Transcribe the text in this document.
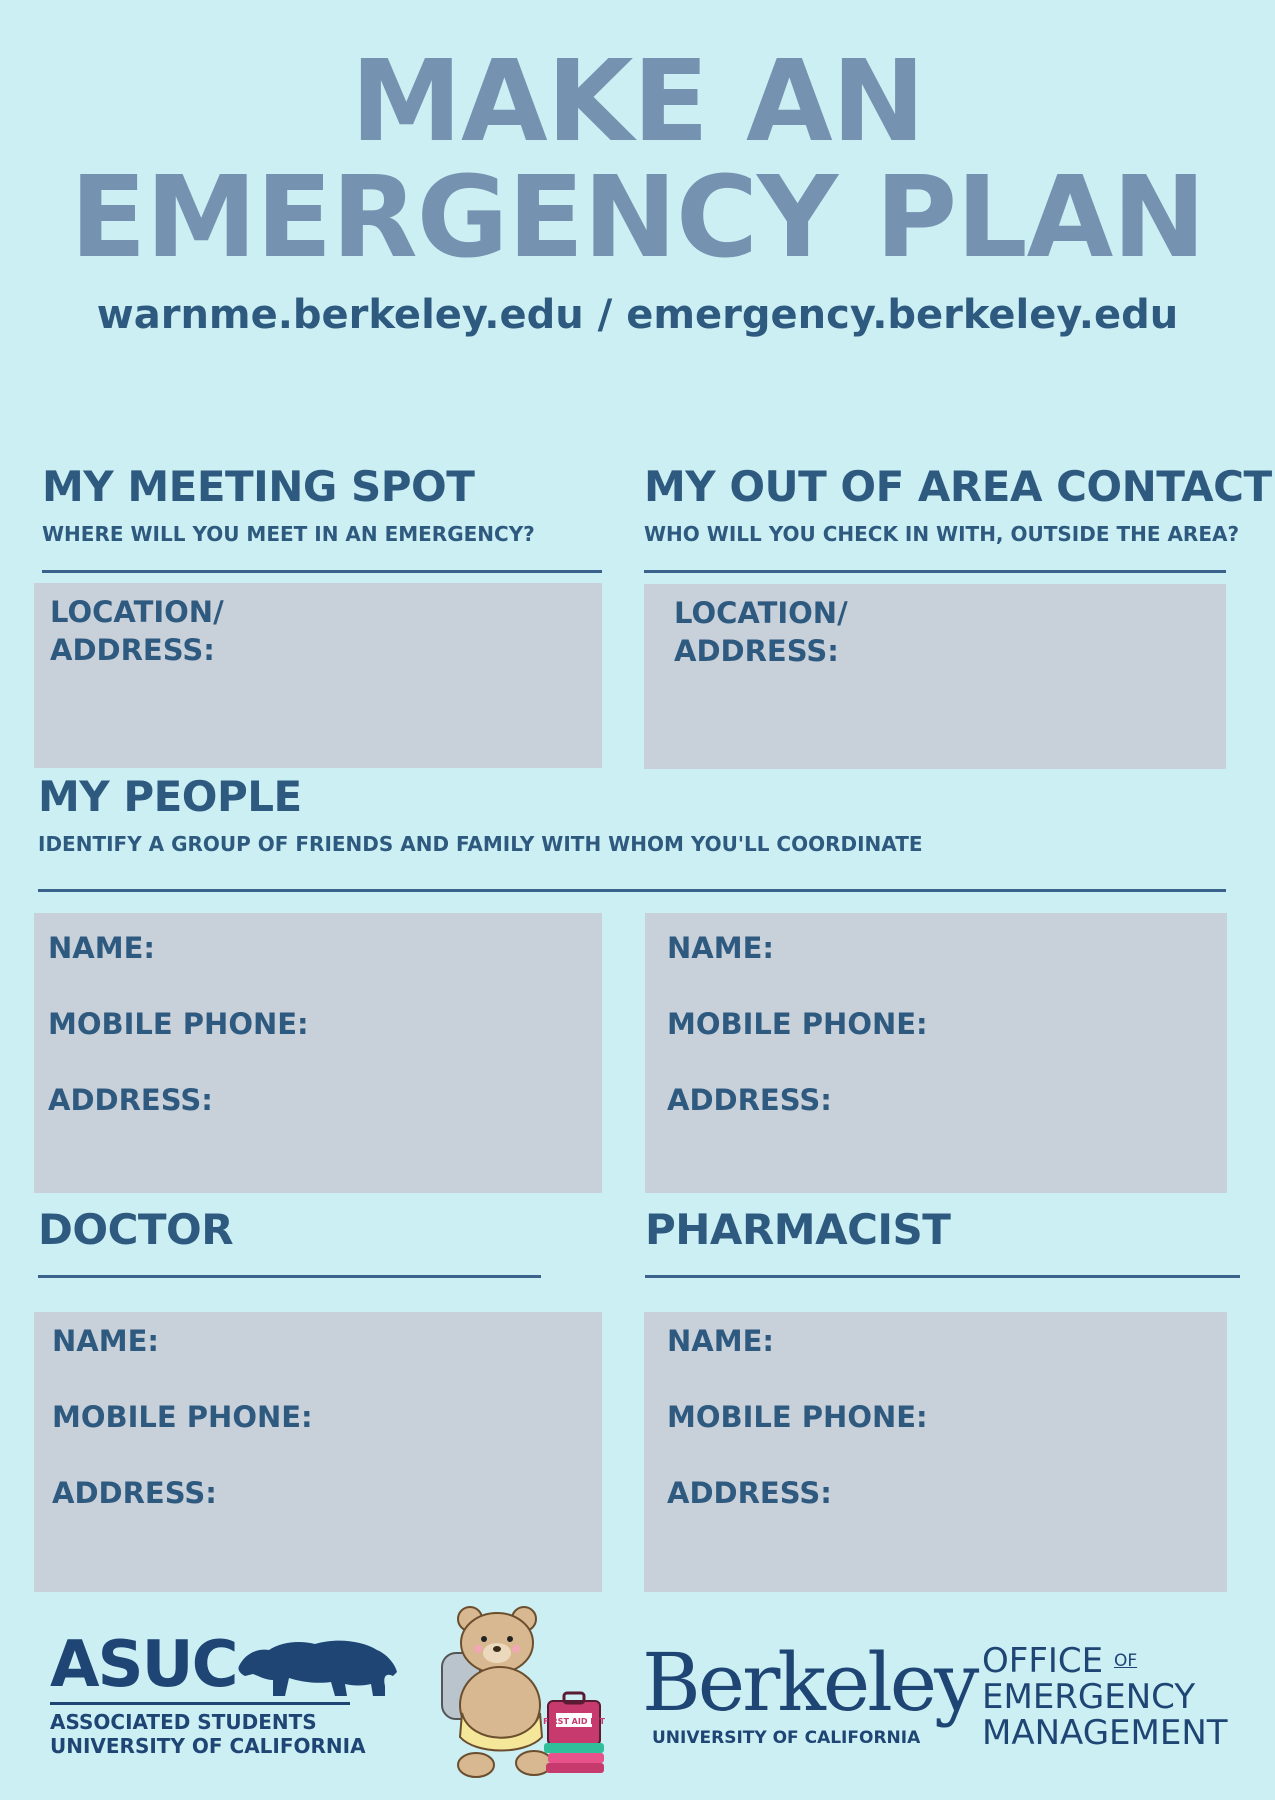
MAKE AN
EMERGENCY PLAN
warnme.berkeley.edu / emergency.berkeley.edu
MY MEETING SPOT
WHERE WILL YOU MEET IN AN EMERGENCY?
LOCATION/
ADDRESS:
MY OUT OF AREA CONTACT
WHO WILL YOU CHECK IN WITH, OUTSIDE THE AREA?
LOCATION/
ADDRESS:
MY PEOPLE
IDENTIFY A GROUP OF FRIENDS AND FAMILY WITH WHOM YOU'LL COORDINATE
NAME:
MOBILE PHONE:
ADDRESS:
NAME:
MOBILE PHONE:
ADDRESS:
DOCTOR
NAME:
MOBILE PHONE:
ADDRESS:
PHARMACIST
NAME:
MOBILE PHONE:
ADDRESS:
ASUC
ASSOCIATED STUDENTS
UNIVERSITY OF CALIFORNIA
FIRST AID KIT Berkeley
UNIVERSITY OF CALIFORNIA
OFFICE $^{OF}$
EMERGENCY
MANAGEMENT
